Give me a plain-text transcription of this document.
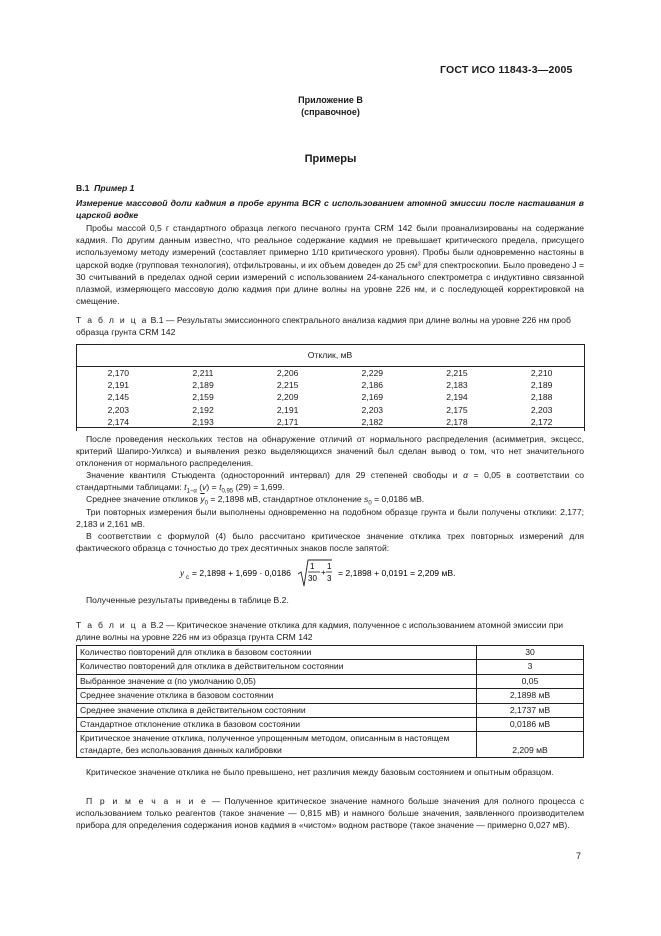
ГОСТ ИСО 11843-3—2005
Приложение B
(справочное)
Примеры
B.1 Пример 1
Измерение массовой доли кадмия в пробе грунта BCR с использованием атомной эмиссии после настаивания в царской водке
Пробы массой 0,5 г стандартного образца легкого песчаного грунта CRM 142 были проанализированы на содержание кадмия. По другим данным известно, что реальное содержание кадмия не превышает критического предела, присущего используемому методу измерений (составляет примерно 1/10 критического уровня). Пробы были одновременно настояны в царской водке (групповая технология), отфильтрованы, и их объем доведен до 25 см³ для спектроскопии. Было проведено J = 30 считываний в пределах одной серии измерений с использованием 24-канального спектрометра с индуктивно связанной плазмой, измеряющего массовую долю кадмия при длине волны на уровне 226 нм, и с последующей корректировкой на смещение.
Т а б л и ц а B.1 — Результаты эмиссионного спектрального анализа кадмия при длине волны на уровне 226 нм проб образца грунта CRM 142
Отклик, мВ					
2,170	2,211	2,206	2,229	2,215	2,210
2,191	2,189	2,215	2,186	2,183	2,189
2,145	2,159	2,209	2,169	2,194	2,188
2,203	2,192	2,191	2,203	2,175	2,203
2,174	2,193	2,171	2,182	2,178	2,172
После проведения нескольких тестов на обнаружение отличий от нормального распределения (асимметрия, эксцесс, критерий Шапиро-Уилкса) и выявления резко выделяющихся значений был сделан вывод о том, что нет значительного отклонения от нормального распределения.
Значение квантиля Стьюдента (односторонний интервал) для 29 степеней свободы и α = 0,05 в соответствии со стандартными таблицами: $t_{1-\alpha}$ $(v) = t_{0,95}$ (29) = 1,699.
Среднее значение откликов $\overline{y}_0 = 2,1898$ мВ, стандартное отклонение $s_0 = 0,0186$ мВ.
Три повторных измерения были выполнены одновременно на подобном образце грунта и были получены отклики: 2,177; 2,183 и 2,161 мВ.
В соответствии с формулой (4) было рассчитано критическое значение отклика трех повторных измерений для фактического образца с точностью до трех десятичных знаков после запятой:
y c = 2,1898 + 1,699 · 0,0186
1
30
+
1
3
= 2,1898 + 0,0191 = 2,209 мВ.
Полученные результаты приведены в таблице B.2.
Т а б л и ц а B.2 — Критическое значение отклика для кадмия, полученное с использованием атомной эмиссии при длине волны на уровне 226 нм из образца грунта CRM 142
Количество повторений для отклика в базовом состоянии	30
Количество повторений для отклика в действительном состоянии	3
Выбранное значение α (по умолчанию 0,05)	0,05
Среднее значение отклика в базовом состоянии	2,1898 мВ
Среднее значение отклика в действительном состоянии	2,1737 мВ
Стандартное отклонение отклика в базовом состоянии	0,0186 мВ
Критическое значение отклика, полученное упрощенным методом, описанным в настоящем стандарте, без использования данных калибровки	2,209 мВ
Критическое значение отклика не было превышено, нет различия между базовым состоянием и опытным образцом.
П р и м е ч а н и е — Полученное критическое значение намного больше значения для полного процесса с использованием только реагентов (такое значение — 0,815 мВ) и намного больше значения, заявленного производителем прибора для определения содержания ионов кадмия в «чистом» водном растворе (такое значение — примерно 0,027 мВ).
7
